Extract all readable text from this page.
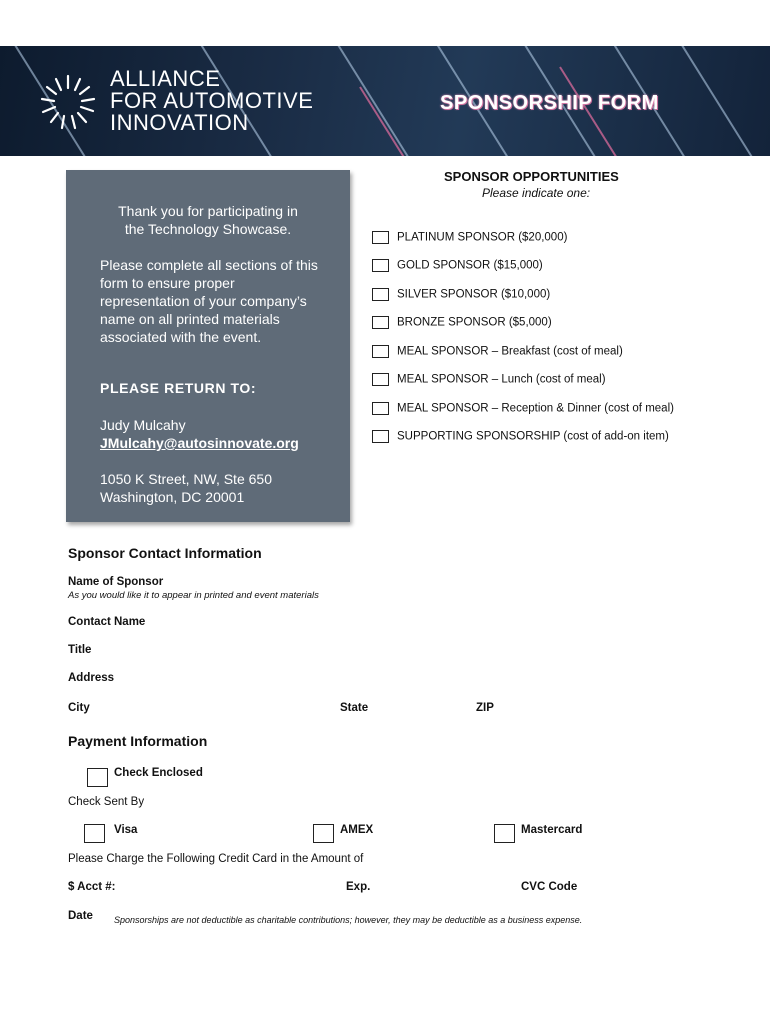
ALLIANCE
FOR AUTOMOTIVE
INNOVATION
SPONSORSHIP FORM
Thank you for participating in
the Technology Showcase.
Please complete all sections of this form to ensure proper representation of your company’s name on all printed materials associated with the event.
PLEASE RETURN TO:
Judy Mulcahy
JMulcahy@autosinnovate.org
1050 K Street, NW, Ste 650
Washington, DC 20001
SPONSOR OPPORTUNITIES
Please indicate one:
PLATINUM SPONSOR ($20,000)
GOLD SPONSOR ($15,000)
SILVER SPONSOR ($10,000)
BRONZE SPONSOR ($5,000)
MEAL SPONSOR – Breakfast (cost of meal)
MEAL SPONSOR – Lunch (cost of meal)
MEAL SPONSOR – Reception & Dinner (cost of meal)
SUPPORTING SPONSORSHIP (cost of add-on item)
Sponsor Contact Information
Name of Sponsor
As you would like it to appear in printed and event materials
Contact Name
Title
Address
City	State	ZIP
Payment Information
Check Enclosed
Check Sent By
Visa	AMEX	Mastercard
Please Charge the Following Credit Card in the Amount of
$ Acct #:	Exp.	CVC Code
Date Sponsorships are not deductible as charitable contributions; however, they may be deductible as a business expense.
